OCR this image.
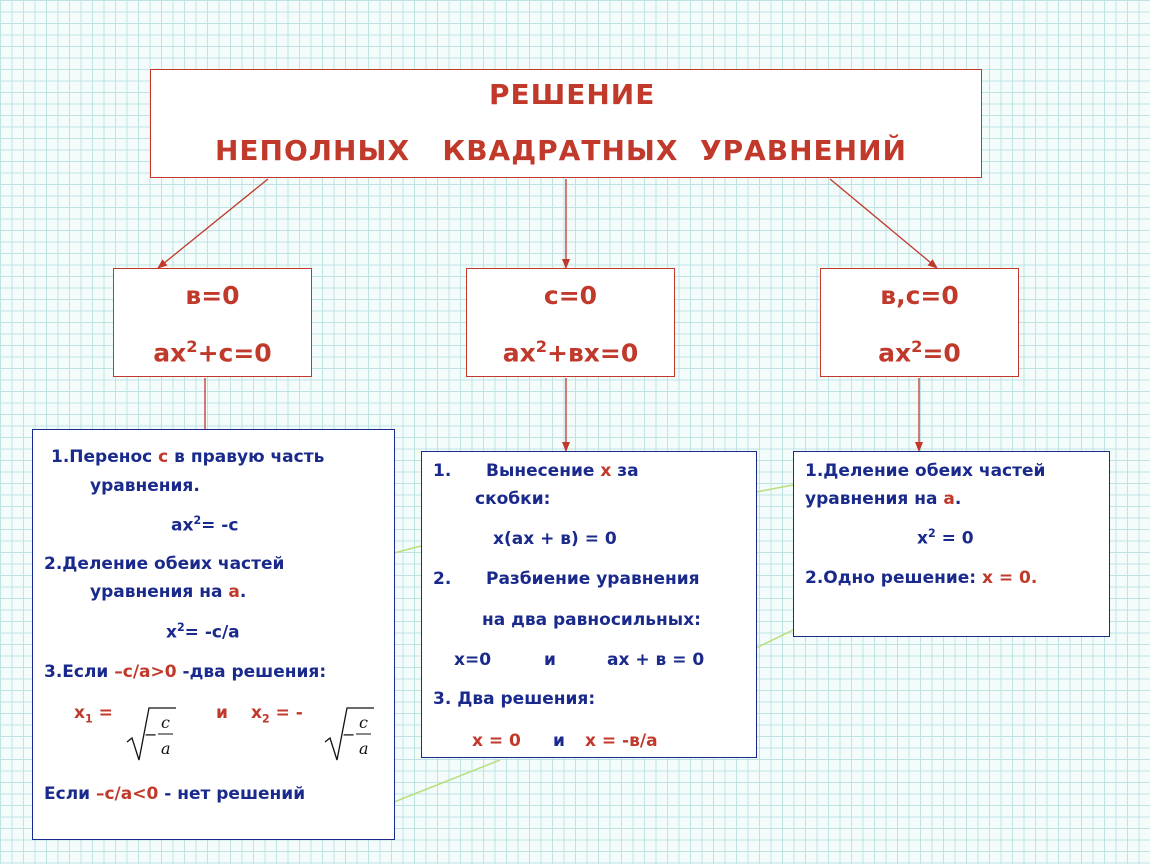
РЕШЕНИЕ
НЕПОЛНЫХ   КВАДРАТНЫХ  УРАВНЕНИЙ
в=0
$ax^2+c=0$
c=0
$ax^2+вx=0$
в,c=0
$ax^2=0$
1.Перенос с в правую часть
уравнения.
$ax^2= -c$
2.Деление обеих частей
уравнения на а.
$x^2= -c/a$
3.Если –c/a>0 -два решения:
$x_1$ =
−
c
a
и $x_2$ = -
−
c
a
Если –c/a<0 - нет решений
1. Вынесение x за
скобки:
x(ax + в) = 0
2. Разбиение уравнения
на два равносильных:
x=0	и	ax + в = 0
3. Два решения:
x = 0 и x = -в/a
1.Деление обеих частей
уравнения на а.
$x^2 = 0$
2.Одно решение: x = 0.
